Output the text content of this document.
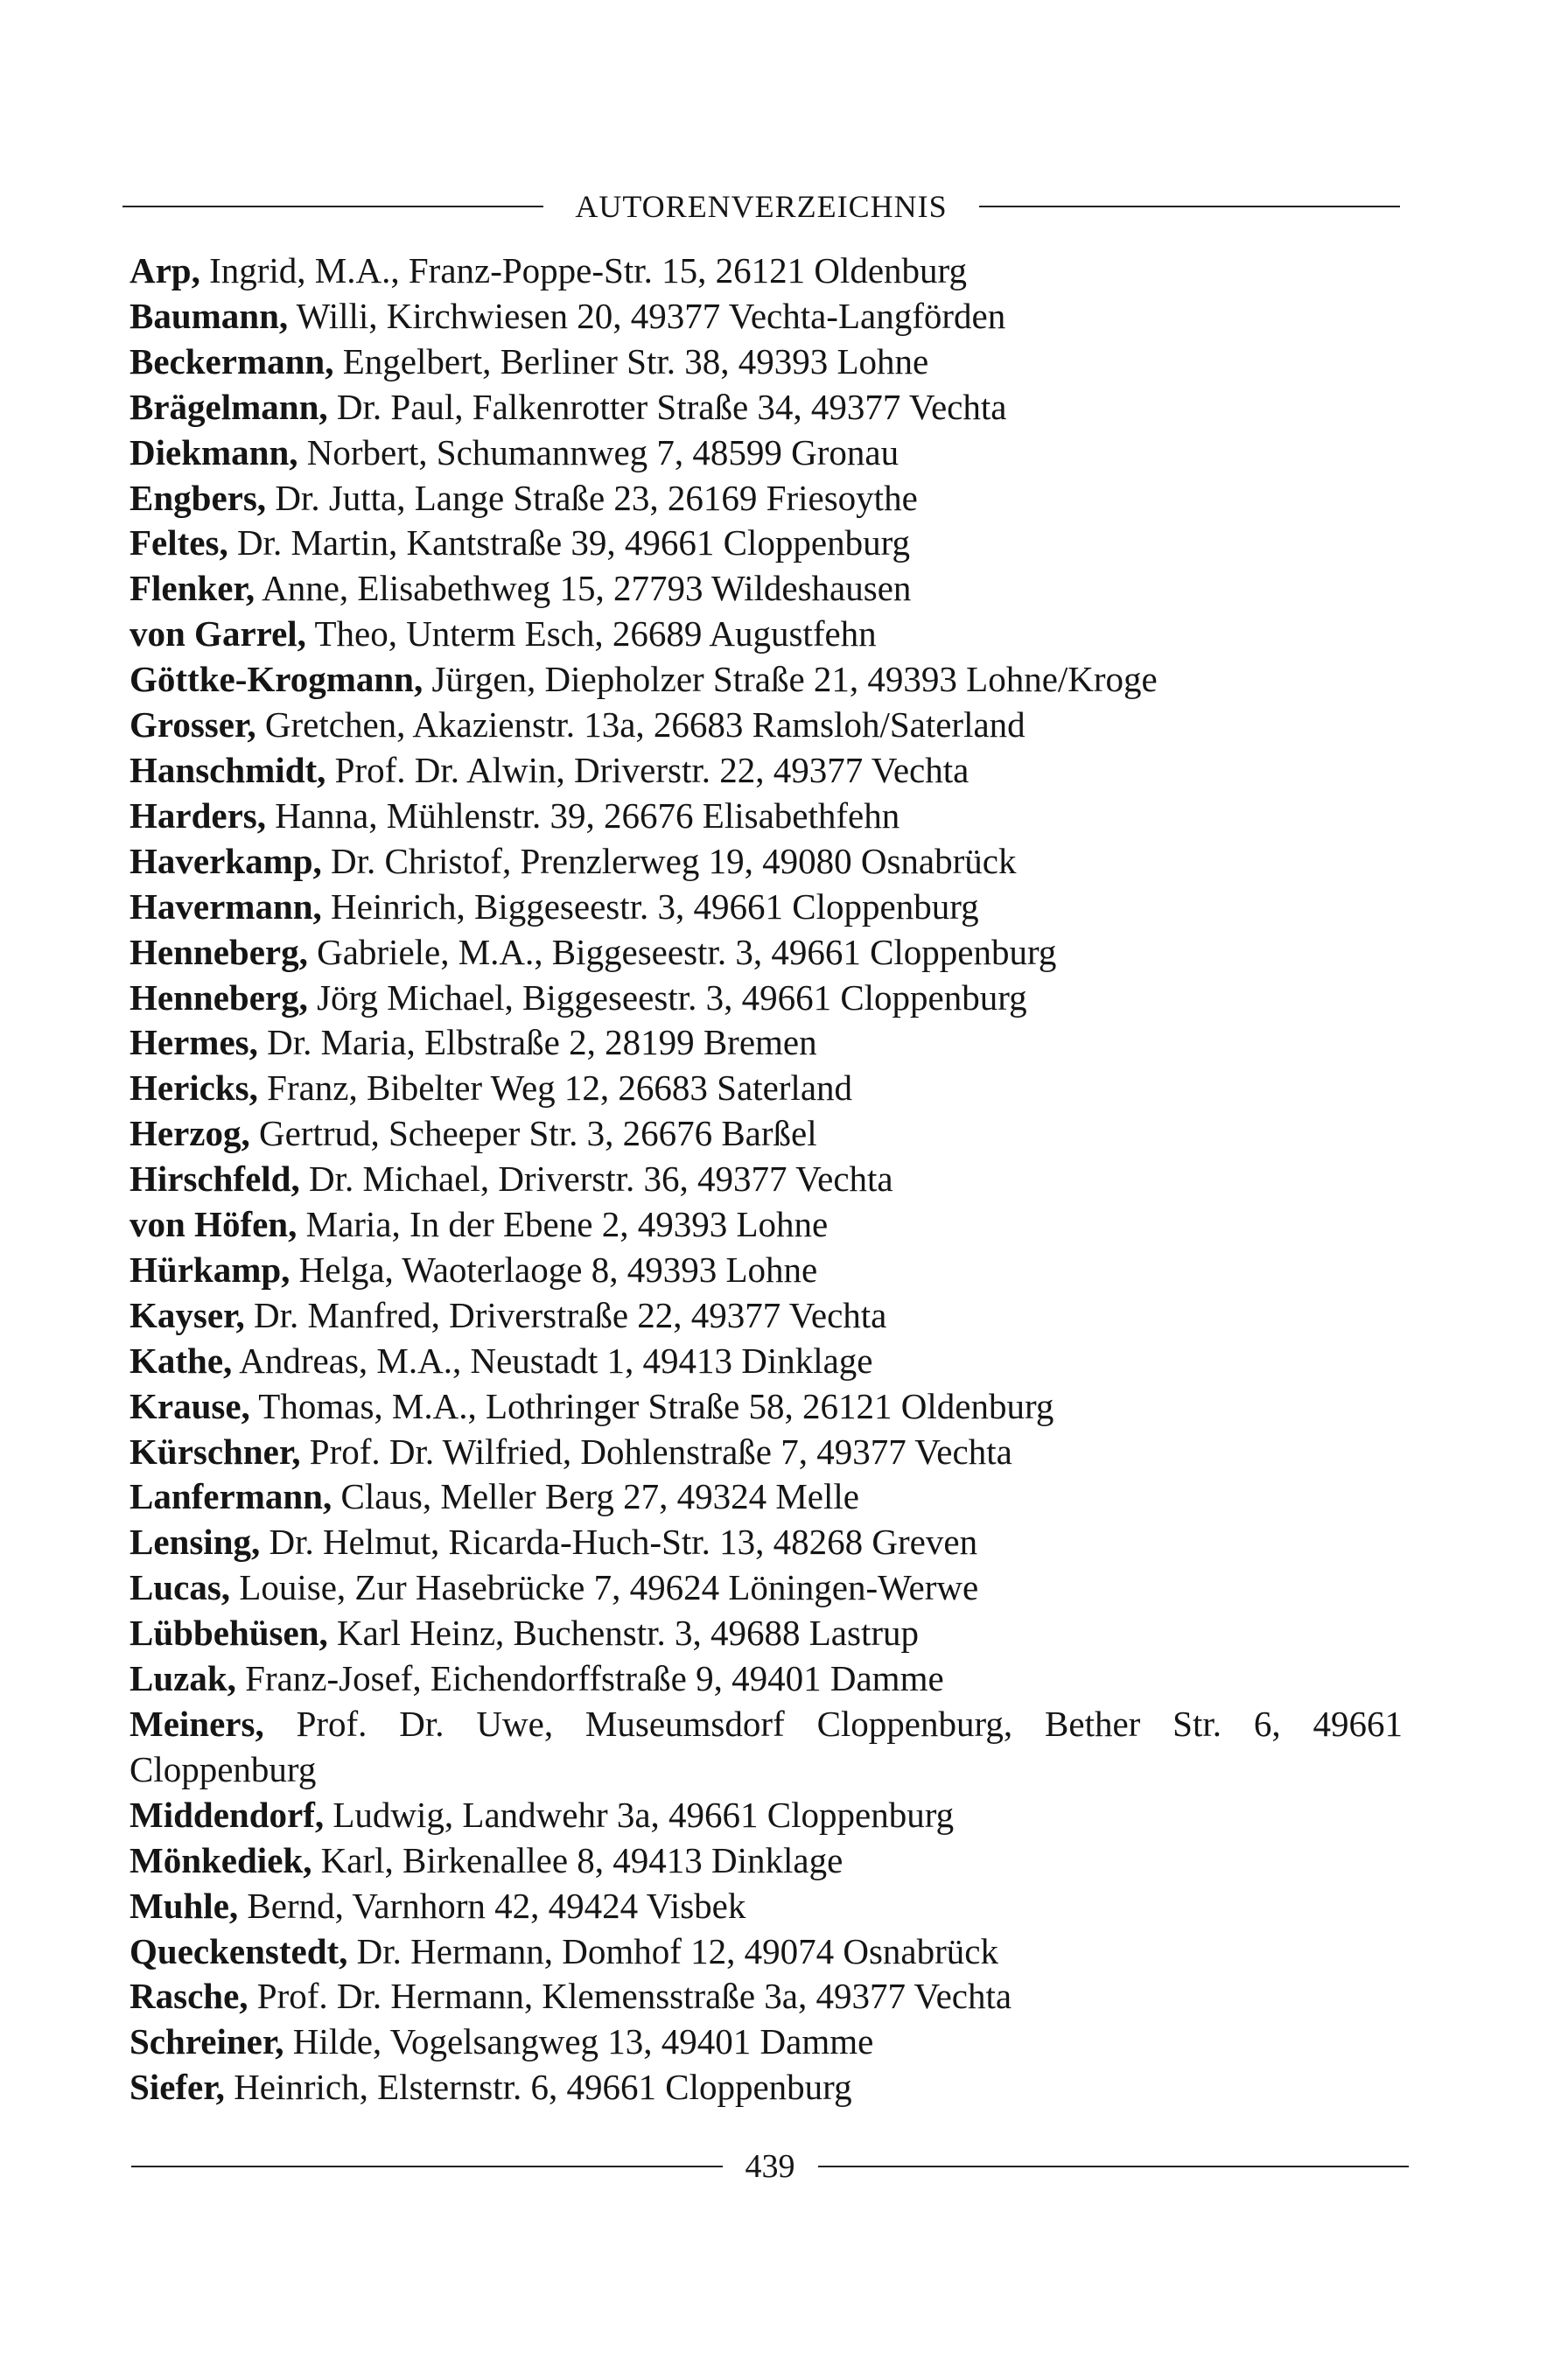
AUTORENVERZEICHNIS
Arp, Ingrid, M.A., Franz-Poppe-Str. 15, 26121 Oldenburg
Baumann, Willi, Kirchwiesen 20, 49377 Vechta-Langförden
Beckermann, Engelbert, Berliner Str. 38, 49393 Lohne
Brägelmann, Dr. Paul, Falkenrotter Straße 34, 49377 Vechta
Diekmann, Norbert, Schumannweg 7, 48599 Gronau
Engbers, Dr. Jutta, Lange Straße 23, 26169 Friesoythe
Feltes, Dr. Martin, Kantstraße 39, 49661 Cloppenburg
Flenker, Anne, Elisabethweg 15, 27793 Wildeshausen
von Garrel, Theo, Unterm Esch, 26689 Augustfehn
Göttke-Krogmann, Jürgen, Diepholzer Straße 21, 49393 Lohne/Kroge
Grosser, Gretchen, Akazienstr. 13a, 26683 Ramsloh/Saterland
Hanschmidt, Prof. Dr. Alwin, Driverstr. 22, 49377 Vechta
Harders, Hanna, Mühlenstr. 39, 26676 Elisabethfehn
Haverkamp, Dr. Christof, Prenzlerweg 19, 49080 Osnabrück
Havermann, Heinrich, Biggeseestr. 3, 49661 Cloppenburg
Henneberg, Gabriele, M.A., Biggeseestr. 3, 49661 Cloppenburg
Henneberg, Jörg Michael, Biggeseestr. 3, 49661 Cloppenburg
Hermes, Dr. Maria, Elbstraße 2, 28199 Bremen
Hericks, Franz, Bibelter Weg 12, 26683 Saterland
Herzog, Gertrud, Scheeper Str. 3, 26676 Barßel
Hirschfeld, Dr. Michael, Driverstr. 36, 49377 Vechta
von Höfen, Maria, In der Ebene 2, 49393 Lohne
Hürkamp, Helga, Waoterlaoge 8, 49393 Lohne
Kayser, Dr. Manfred, Driverstraße 22, 49377 Vechta
Kathe, Andreas, M.A., Neustadt 1, 49413 Dinklage
Krause, Thomas, M.A., Lothringer Straße 58, 26121 Oldenburg
Kürschner, Prof. Dr. Wilfried, Dohlenstraße 7, 49377 Vechta
Lanfermann, Claus, Meller Berg 27, 49324 Melle
Lensing, Dr. Helmut, Ricarda-Huch-Str. 13, 48268 Greven
Lucas, Louise, Zur Hasebrücke 7, 49624 Löningen-Werwe
Lübbehüsen, Karl Heinz, Buchenstr. 3, 49688 Lastrup
Luzak, Franz-Josef, Eichendorffstraße 9, 49401 Damme
Meiners, Prof. Dr. Uwe, Museumsdorf Cloppenburg, Bether Str. 6, 49661 Cloppenburg
Middendorf, Ludwig, Landwehr 3a, 49661 Cloppenburg
Mönkediek, Karl, Birkenallee 8, 49413 Dinklage
Muhle, Bernd, Varnhorn 42, 49424 Visbek
Queckenstedt, Dr. Hermann, Domhof 12, 49074 Osnabrück
Rasche, Prof. Dr. Hermann, Klemensstraße 3a, 49377 Vechta
Schreiner, Hilde, Vogelsangweg 13, 49401 Damme
Siefer, Heinrich, Elsternstr. 6, 49661 Cloppenburg
439
